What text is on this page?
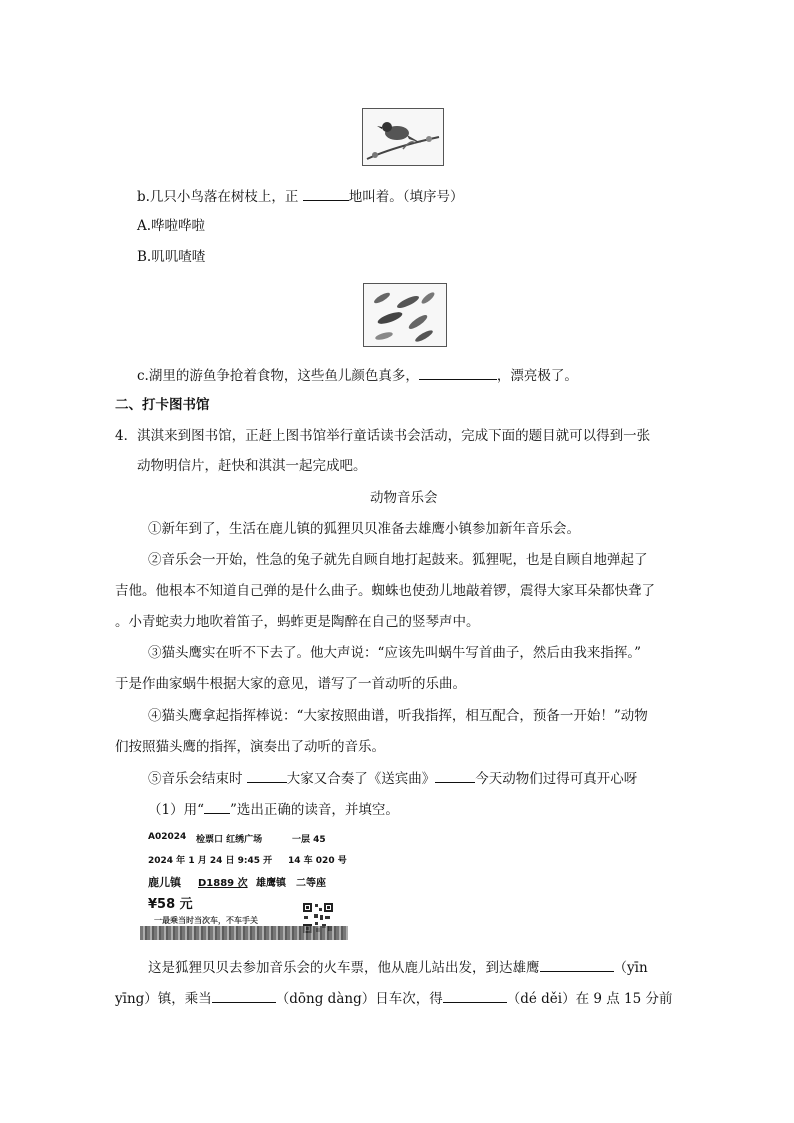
b.几只小鸟落在树枝上，正	地叫着。（填序号）
A.哗啦哗啦
B.叽叽喳喳
c.湖里的游鱼争抢着食物，这些鱼儿颜色真多，	，漂亮极了。
二、打卡图书馆
4．淇淇来到图书馆，正赶上图书馆举行童话读书会活动，完成下面的题目就可以得到一张
动物明信片，赶快和淇淇一起完成吧。
动物音乐会
①新年到了，生活在鹿儿镇的狐狸贝贝准备去雄鹰小镇参加新年音乐会。
②音乐会一开始，性急的兔子就先自顾自地打起鼓来。狐狸呢，也是自顾自地弹起了
吉他。他根本不知道自己弹的是什么曲子。蜘蛛也使劲儿地敲着锣，震得大家耳朵都快聋了
。小青蛇卖力地吹着笛子，蚂蚱更是陶醉在自己的竖琴声中。
③猫头鹰实在听不下去了。他大声说：“应该先叫蜗牛写首曲子，然后由我来指挥。”
于是作曲家蜗牛根据大家的意见，谱写了一首动听的乐曲。
④猫头鹰拿起指挥棒说：“大家按照曲谱，听我指挥，相互配合，预备一开始！”动物
们按照猫头鹰的指挥，演奏出了动听的音乐。
⑤音乐会结束时	大家又合奏了《送宾曲》	今天动物们过得可真开心呀
（1）用“ ”选出正确的读音，并填空。
A02024 检票口 红绣广场	一层 45
2024 年 1 月 24 日 9:45 开 14 车 020 号
鹿儿镇 D1889 次 雄鹰镇 二等座
¥58 元
一最乘当时当次车，不车手关
这是狐狸贝贝去参加音乐会的火车票，他从鹿儿站出发，到达雄鹰	（yīn
yīng）镇，乘当	（dōng dàng）日车次，得	（dé děi）在 9 点 15 分前
